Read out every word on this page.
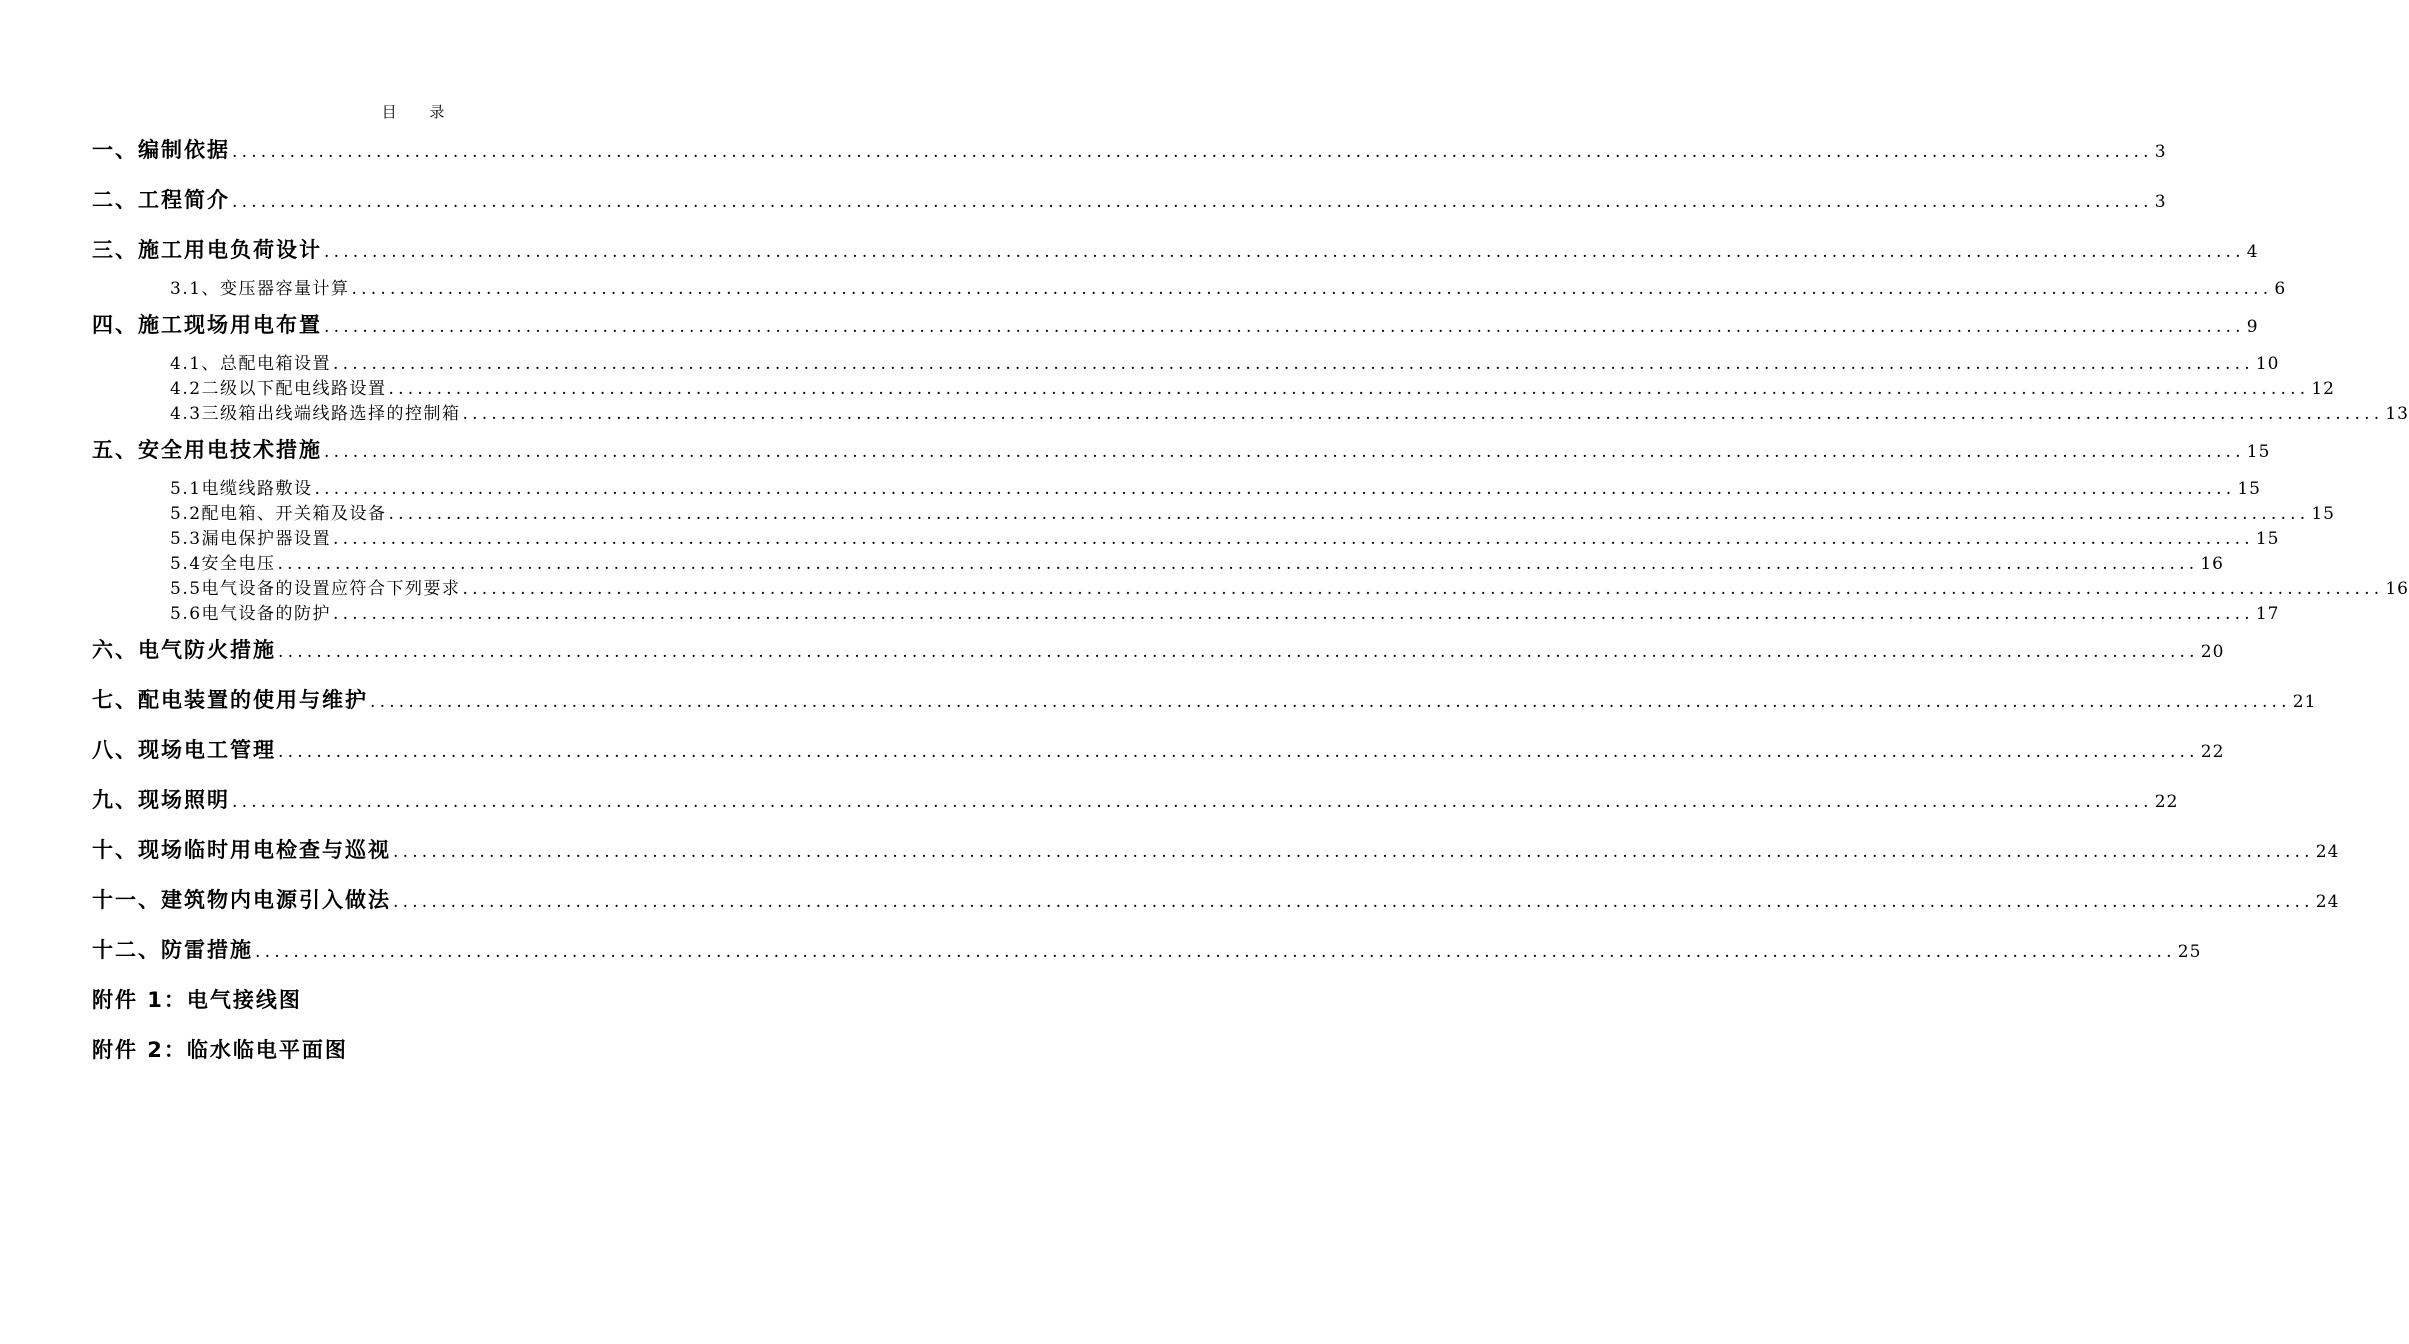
目 录
一、编制依据 ........................................................................................................................................................................................................ 3
二、工程简介 ........................................................................................................................................................................................................ 3
三、施工用电负荷设计 ........................................................................................................................................................................................................ 4
3.1、变压器容量计算 ........................................................................................................................................................................................................ 6
四、施工现场用电布置 ........................................................................................................................................................................................................ 9
4.1、总配电箱设置 ........................................................................................................................................................................................................ 10
4.2二级以下配电线路设置 ........................................................................................................................................................................................................ 12
4.3三级箱出线端线路选择的控制箱 ........................................................................................................................................................................................................ 13
五、安全用电技术措施 ........................................................................................................................................................................................................ 15
5.1电缆线路敷设 ........................................................................................................................................................................................................ 15
5.2配电箱、开关箱及设备 ........................................................................................................................................................................................................ 15
5.3漏电保护器设置 ........................................................................................................................................................................................................ 15
5.4安全电压 ........................................................................................................................................................................................................ 16
5.5电气设备的设置应符合下列要求 ........................................................................................................................................................................................................ 16
5.6电气设备的防护 ........................................................................................................................................................................................................ 17
六、电气防火措施 ........................................................................................................................................................................................................ 20
七、配电装置的使用与维护 ........................................................................................................................................................................................................ 21
八、现场电工管理 ........................................................................................................................................................................................................ 22
九、现场照明 ........................................................................................................................................................................................................ 22
十、现场临时用电检查与巡视 ........................................................................................................................................................................................................ 24
十一、建筑物内电源引入做法 ........................................................................................................................................................................................................ 24
十二、防雷措施 ........................................................................................................................................................................................................ 25
附件 1：电气接线图
附件 2：临水临电平面图
